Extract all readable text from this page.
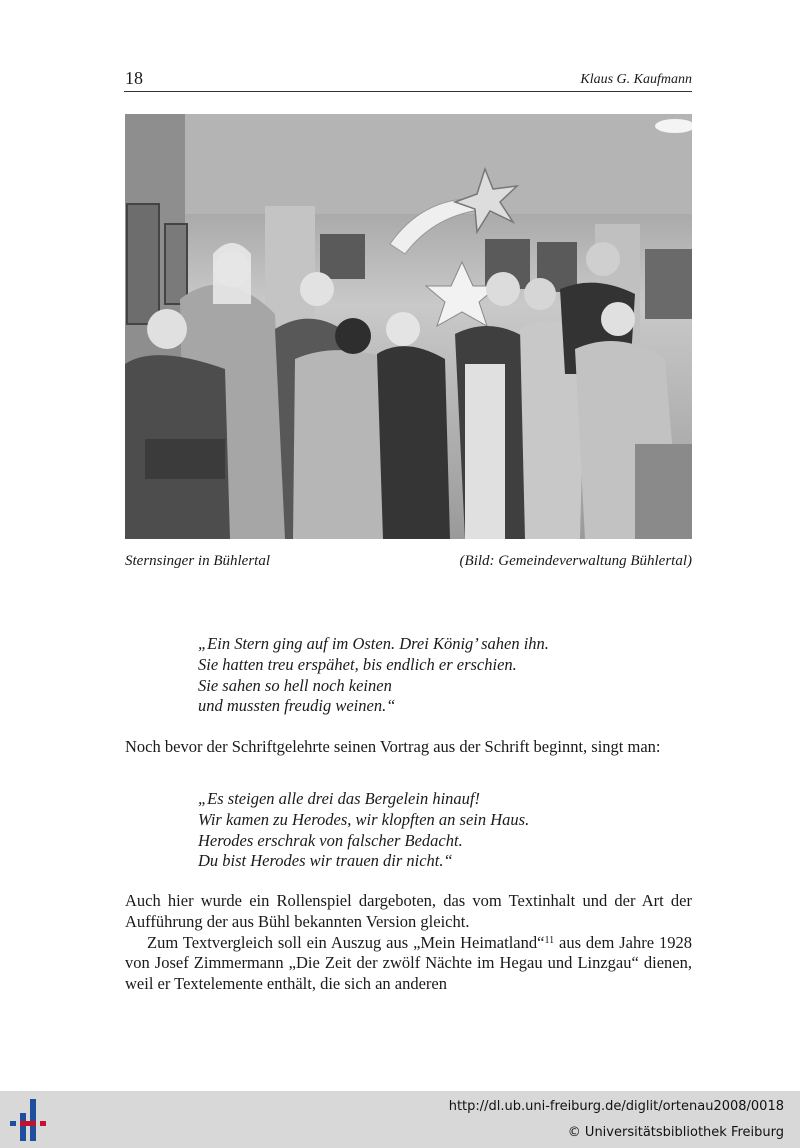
18	Klaus G. Kaufmann
Sternsinger in Bühlertal	(Bild: Gemeindeverwaltung Bühlertal)
„Ein Stern ging auf im Osten. Drei König’ sahen ihn.
Sie hatten treu erspähet, bis endlich er erschien.
Sie sahen so hell noch keinen
und mussten freudig weinen.“
Noch bevor der Schriftgelehrte seinen Vortrag aus der Schrift beginnt, singt man:
„Es steigen alle drei das Bergelein hinauf!
Wir kamen zu Herodes, wir klopften an sein Haus.
Herodes erschrak von falscher Bedacht.
Du bist Herodes wir trauen dir nicht.“
Auch hier wurde ein Rollenspiel dargeboten, das vom Textinhalt und der Art der Aufführung der aus Bühl bekannten Version gleicht.
Zum Textvergleich soll ein Auszug aus „Mein Heimatland“$^{11}$ aus dem Jahre 1928 von Josef Zimmermann „Die Zeit der zwölf Nächte im Hegau und Linzgau“ dienen, weil er Textelemente enthält, die sich an anderen
http://dl.ub.uni-freiburg.de/diglit/ortenau2008/0018
© Universitätsbibliothek Freiburg
